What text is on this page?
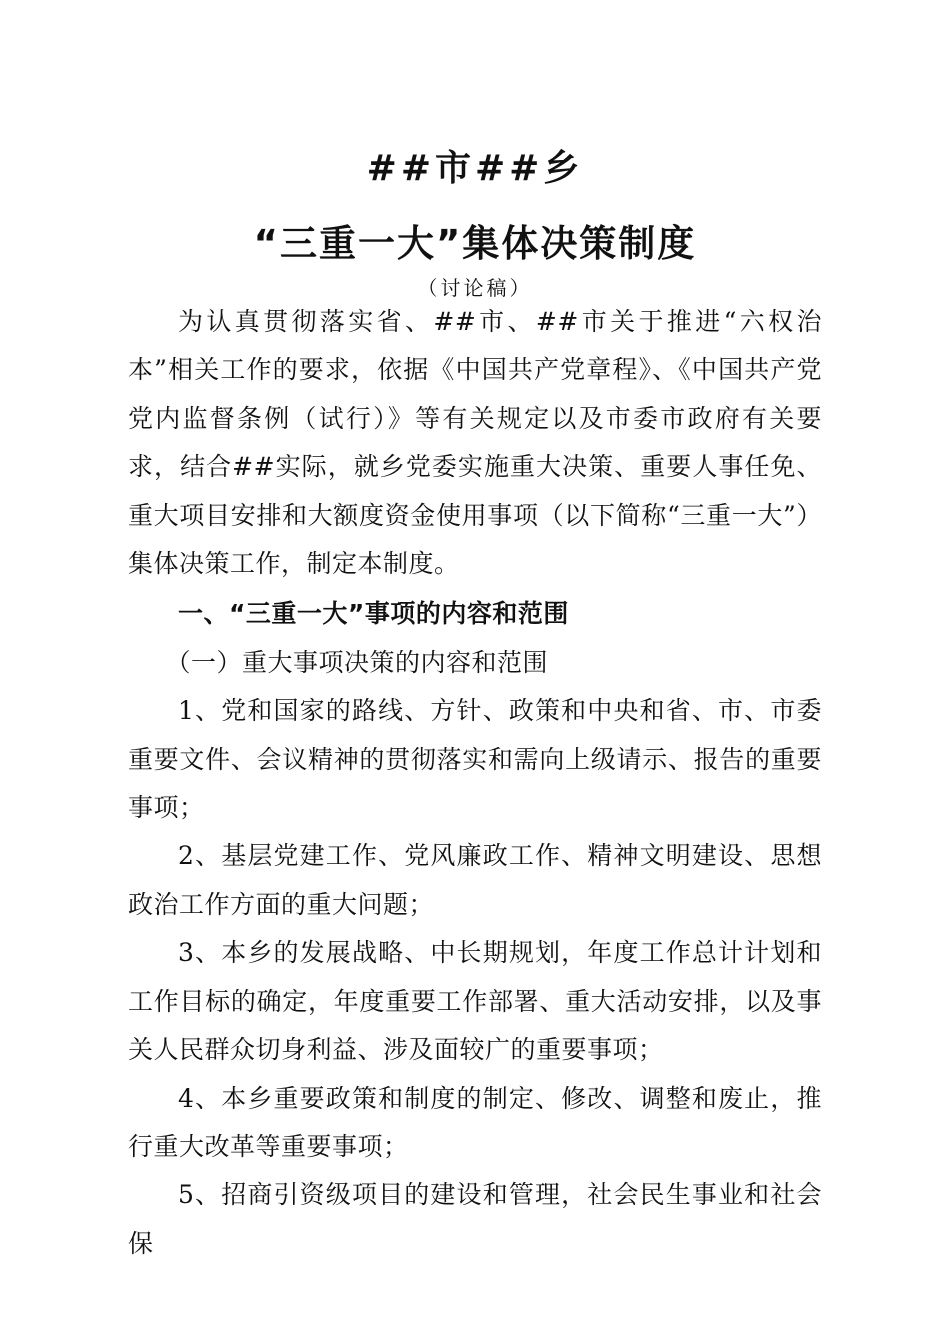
##市##乡
“三重一大”集体决策制度
（讨论稿）

为认真贯彻落实省、##市、##市关于推进“六权治本”相关工作的要求，依据《中国共产党章程》、《中国共产党党内监督条例（试行）》等有关规定以及市委市政府有关要求，结合##实际，就乡党委实施重大决策、重要人事任免、重大项目安排和大额度资金使用事项（以下简称“三重一大”）集体决策工作，制定本制度。

一、“三重一大”事项的内容和范围

（一）重大事项决策的内容和范围

1、党和国家的路线、方针、政策和中央和省、市、市委重要文件、会议精神的贯彻落实和需向上级请示、报告的重要事项；

2、基层党建工作、党风廉政工作、精神文明建设、思想政治工作方面的重大问题；

3、本乡的发展战略、中长期规划，年度工作总计计划和工作目标的确定，年度重要工作部署、重大活动安排，以及事关人民群众切身利益、涉及面较广的重要事项；

4、本乡重要政策和制度的制定、修改、调整和废止，推行重大改革等重要事项；

5、招商引资级项目的建设和管理，社会民生事业和社会保
